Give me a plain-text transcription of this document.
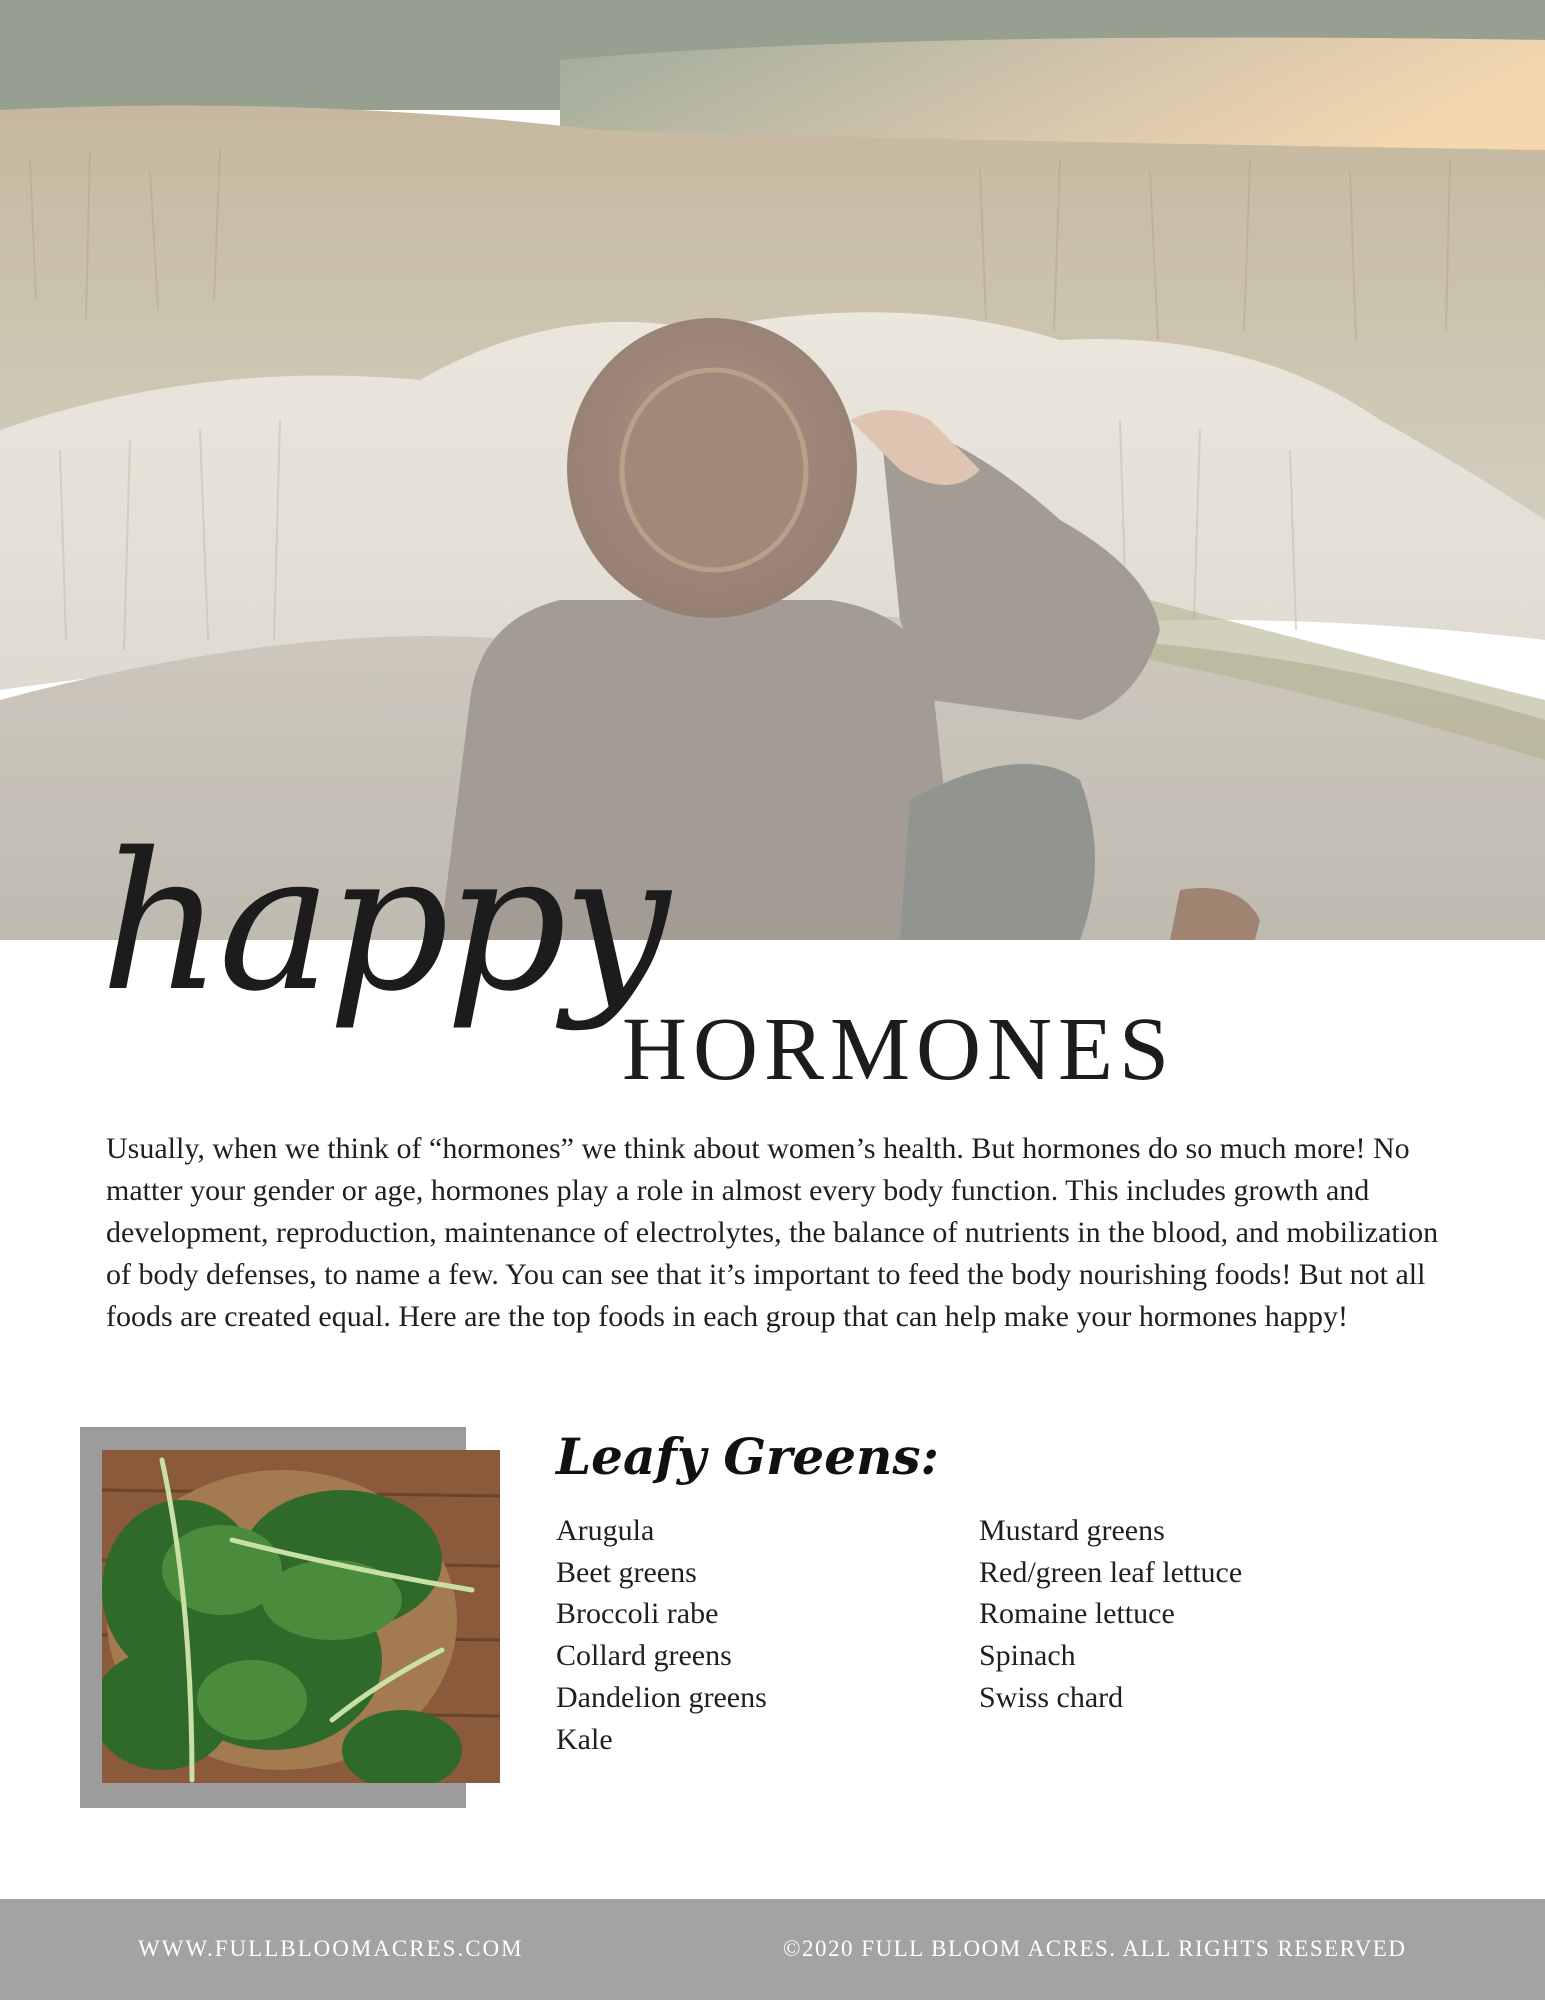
happy
HORMONES

Usually, when we think of “hormones” we think about women’s health. But hormones do so much more! No matter your gender or age, hormones play a role in almost every body function. This includes growth and development, reproduction, maintenance of electrolytes, the balance of nutrients in the blood, and mobilization of body defenses, to name a few. You can see that it’s important to feed the body nourishing foods! But not all foods are created equal. Here are the top foods in each group that can help make your hormones happy!

Leafy Greens:
Arugula
Beet greens
Broccoli rabe
Collard greens
Dandelion greens
Kale
Mustard greens
Red/green leaf lettuce
Romaine lettuce
Spinach
Swiss chard
WWW.FULLBLOOMACRES.COM	©2020 FULL BLOOM ACRES. ALL RIGHTS RESERVED
